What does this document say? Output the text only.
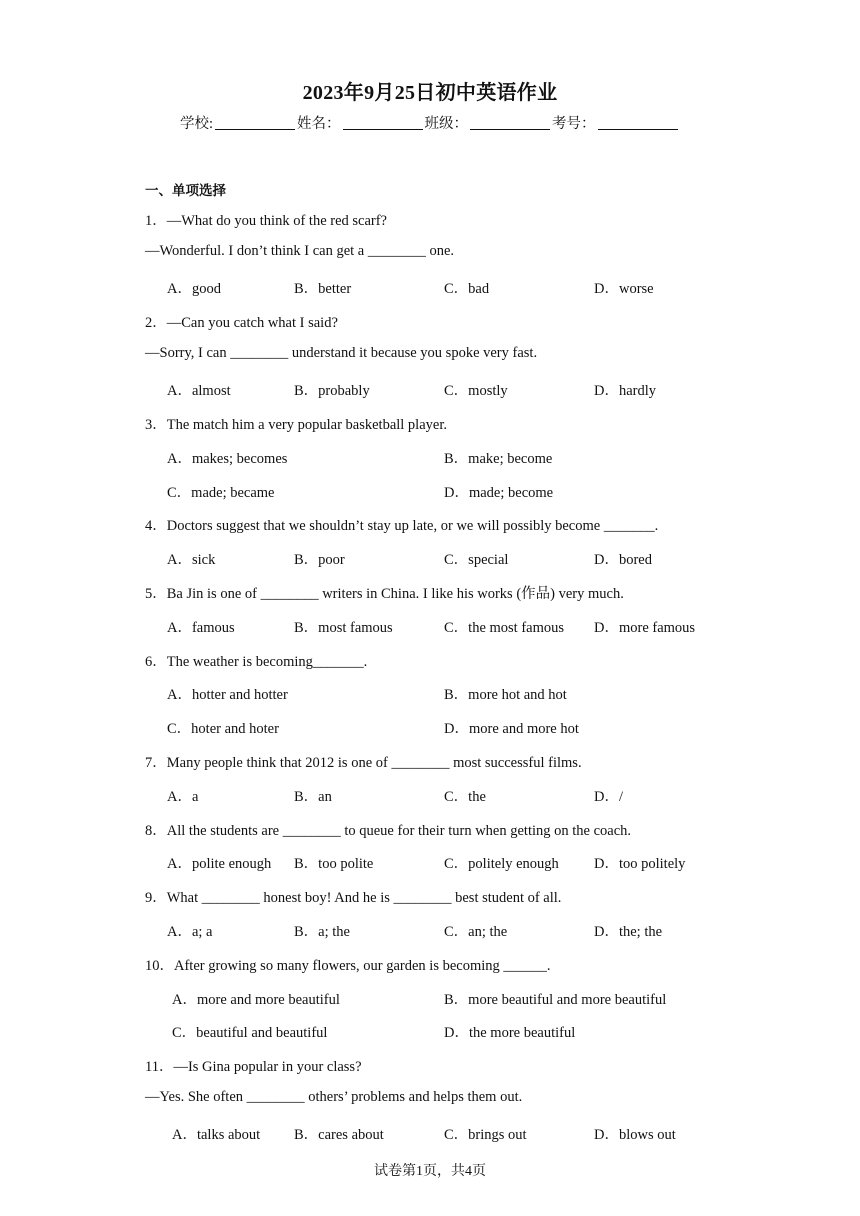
2023年9月25日初中英语作业
学校:	姓名：	班级：	考号：
一、单项选择
1．—What do you think of the red scarf?
—Wonderful. I don’t think I can get a ________ one.
A．good	B．better	C．bad	D．worse
2．—Can you catch what I said?
—Sorry, I can ________ understand it because you spoke very fast.
A．almost	B．probably	C．mostly	D．hardly
3．The match him a very popular basketball player.
A．makes; becomes	B．make; become
C．made; became	D．made; become
4．Doctors suggest that we shouldn’t stay up late, or we will possibly become _______.
A．sick	B．poor	C．special	D．bored
5．Ba Jin is one of ________ writers in China. I like his works (作品) very much.
A．famous	B．most famous	C．the most famous D．more famous
6．The weather is becoming_______.
A．hotter and hotter	B．more hot and hot
C．hoter and hoter	D．more and more hot
7．Many people think that 2012 is one of ________ most successful films.
A．a	B．an	C．the	D．/
8．All the students are ________ to queue for their turn when getting on the coach.
A．polite enough B．too polite	C．politely enough D．too politely
9．What ________ honest boy! And he is ________ best student of all.
A．a; a	B．a; the	C．an; the	D．the; the
10．After growing so many flowers, our garden is becoming ______.
A．more and more beautiful	B．more beautiful and more beautiful
C．beautiful and beautiful	D．the more beautiful
11．—Is Gina popular in your class?
—Yes. She often ________ others’ problems and helps them out.
A．talks about B．cares about	C．brings out	D．blows out
试卷第1页，共4页
